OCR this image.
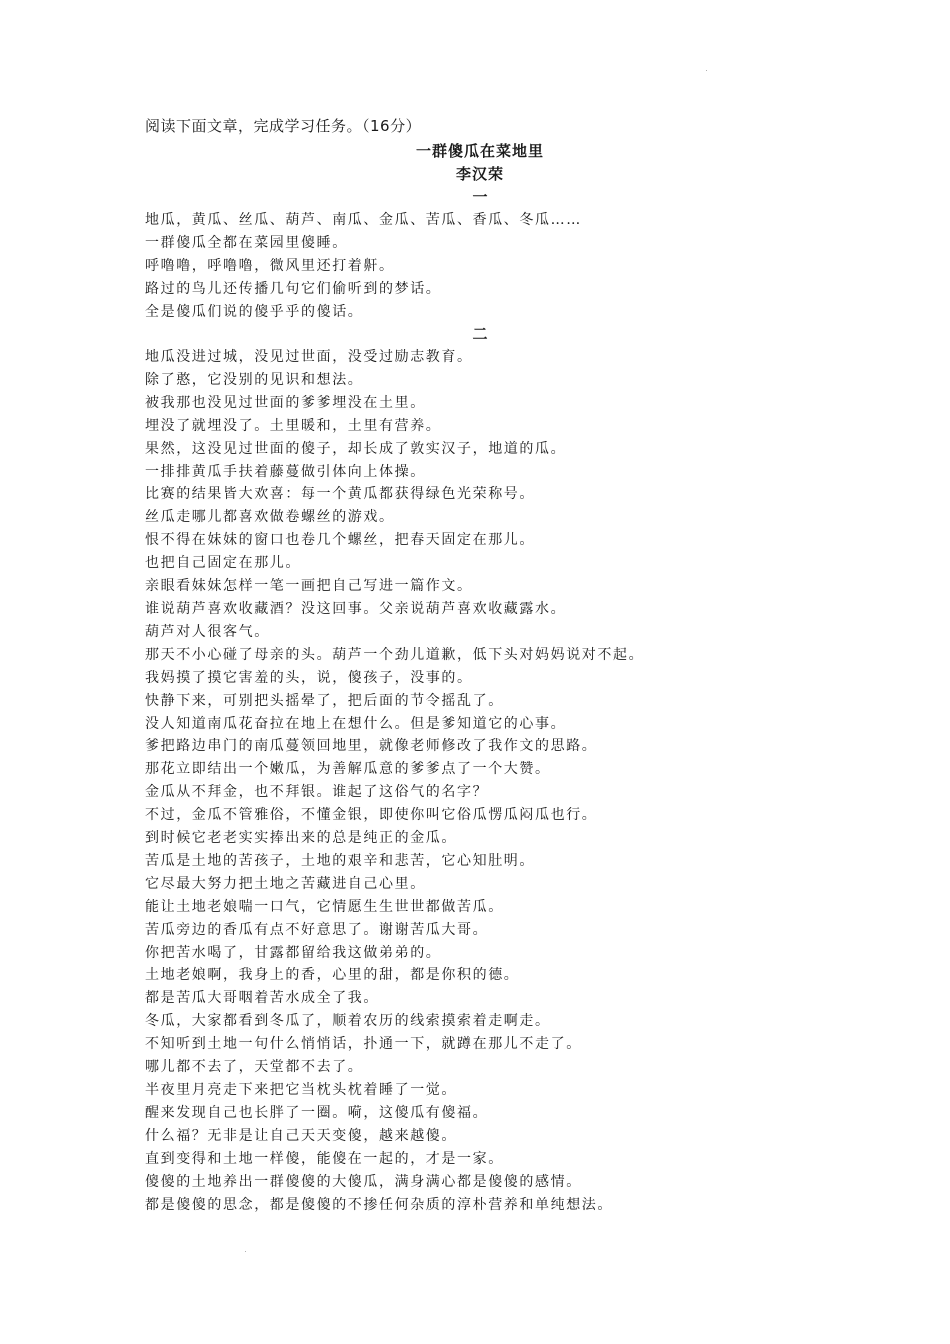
阅读下面文章，完成学习任务。（16分）
一群傻瓜在菜地里
李汉荣
一
地瓜，黄瓜、丝瓜、葫芦、南瓜、金瓜、苦瓜、香瓜、冬瓜……
一群傻瓜全都在菜园里傻睡。
呼噜噜，呼噜噜，微风里还打着鼾。
路过的鸟儿还传播几句它们偷听到的梦话。
全是傻瓜们说的傻乎乎的傻话。
二
地瓜没进过城，没见过世面，没受过励志教育。
除了憨，它没别的见识和想法。
被我那也没见过世面的爹爹埋没在土里。
埋没了就埋没了。土里暖和，土里有营养。
果然，这没见过世面的傻子，却长成了敦实汉子，地道的瓜。
一排排黄瓜手扶着藤蔓做引体向上体操。
比赛的结果皆大欢喜：每一个黄瓜都获得绿色光荣称号。
丝瓜走哪儿都喜欢做卷螺丝的游戏。
恨不得在妹妹的窗口也卷几个螺丝，把春天固定在那儿。
也把自己固定在那儿。
亲眼看妹妹怎样一笔一画把自己写进一篇作文。
谁说葫芦喜欢收藏酒？没这回事。父亲说葫芦喜欢收藏露水。
葫芦对人很客气。
那天不小心碰了母亲的头。葫芦一个劲儿道歉，低下头对妈妈说对不起。
我妈摸了摸它害羞的头，说，傻孩子，没事的。
快静下来，可别把头摇晕了，把后面的节令摇乱了。
没人知道南瓜花奋拉在地上在想什么。但是爹知道它的心事。
爹把路边串门的南瓜蔓领回地里，就像老师修改了我作文的思路。
那花立即结出一个嫩瓜，为善解瓜意的爹爹点了一个大赞。
金瓜从不拜金，也不拜银。谁起了这俗气的名字？
不过，金瓜不管雅俗，不懂金银，即使你叫它俗瓜愣瓜闷瓜也行。
到时候它老老实实捧出来的总是纯正的金瓜。
苦瓜是土地的苦孩子，土地的艰辛和悲苦，它心知肚明。
它尽最大努力把土地之苦藏进自己心里。
能让土地老娘喘一口气，它情愿生生世世都做苦瓜。
苦瓜旁边的香瓜有点不好意思了。谢谢苦瓜大哥。
你把苦水喝了，甘露都留给我这做弟弟的。
土地老娘啊，我身上的香，心里的甜，都是你积的德。
都是苦瓜大哥咽着苦水成全了我。
冬瓜，大家都看到冬瓜了，顺着农历的线索摸索着走啊走。
不知听到土地一句什么悄悄话，扑通一下，就蹲在那儿不走了。
哪儿都不去了，天堂都不去了。
半夜里月亮走下来把它当枕头枕着睡了一觉。
醒来发现自己也长胖了一圈。嗬，这傻瓜有傻福。
什么福？无非是让自己天天变傻，越来越傻。
直到变得和土地一样傻，能傻在一起的，才是一家。
傻傻的土地养出一群傻傻的大傻瓜，满身满心都是傻傻的感情。
都是傻傻的思念，都是傻傻的不掺任何杂质的淳朴营养和单纯想法。
